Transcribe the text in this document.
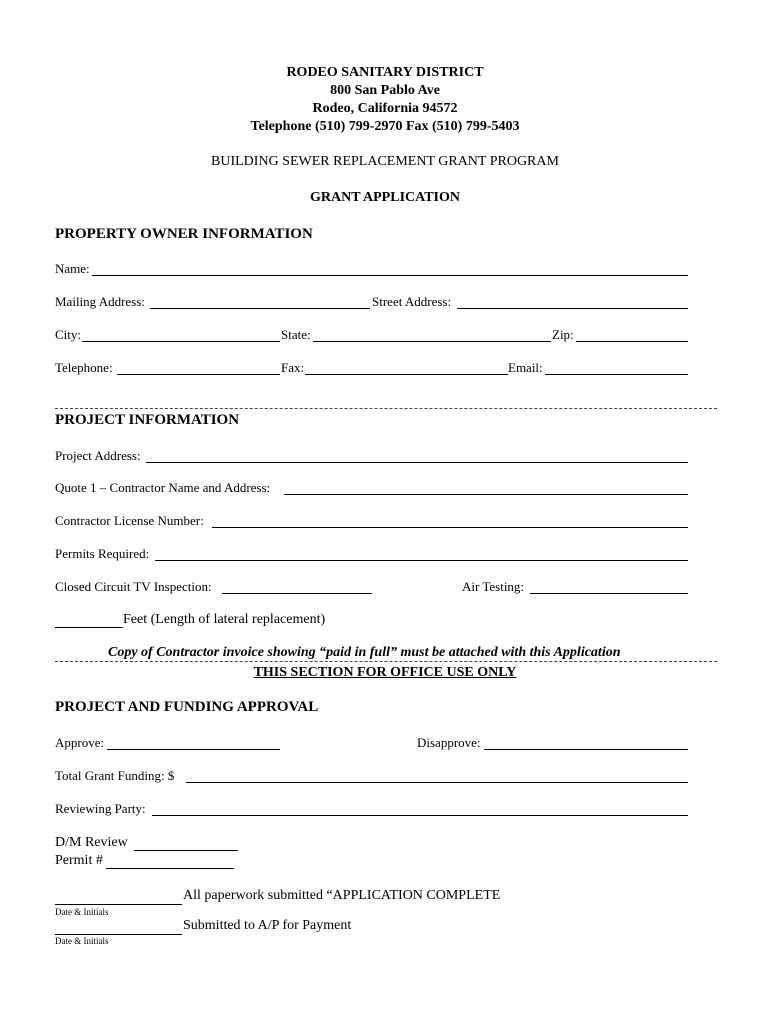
RODEO SANITARY DISTRICT
800 San Pablo Ave
Rodeo, California 94572
Telephone (510) 799-2970 Fax (510) 799-5403
BUILDING SEWER REPLACEMENT GRANT PROGRAM
GRANT APPLICATION
PROPERTY OWNER INFORMATION
Name:
Mailing Address:	Street Address:
City:	State:	Zip:
Telephone:	Fax:	Email:
PROJECT INFORMATION
Project Address:
Quote 1 – Contractor Name and Address:
Contractor License Number:
Permits Required:
Closed Circuit TV Inspection:	Air Testing:
Feet (Length of lateral replacement)
Copy of Contractor invoice showing “paid in full” must be attached with this Application
THIS SECTION FOR OFFICE USE ONLY
PROJECT AND FUNDING APPROVAL
Approve:	Disapprove:
Total Grant Funding: $
Reviewing Party:
D/M Review
Permit #
All paperwork submitted “APPLICATION COMPLETE
Date & Initials
Submitted to A/P for Payment
Date & Initials
